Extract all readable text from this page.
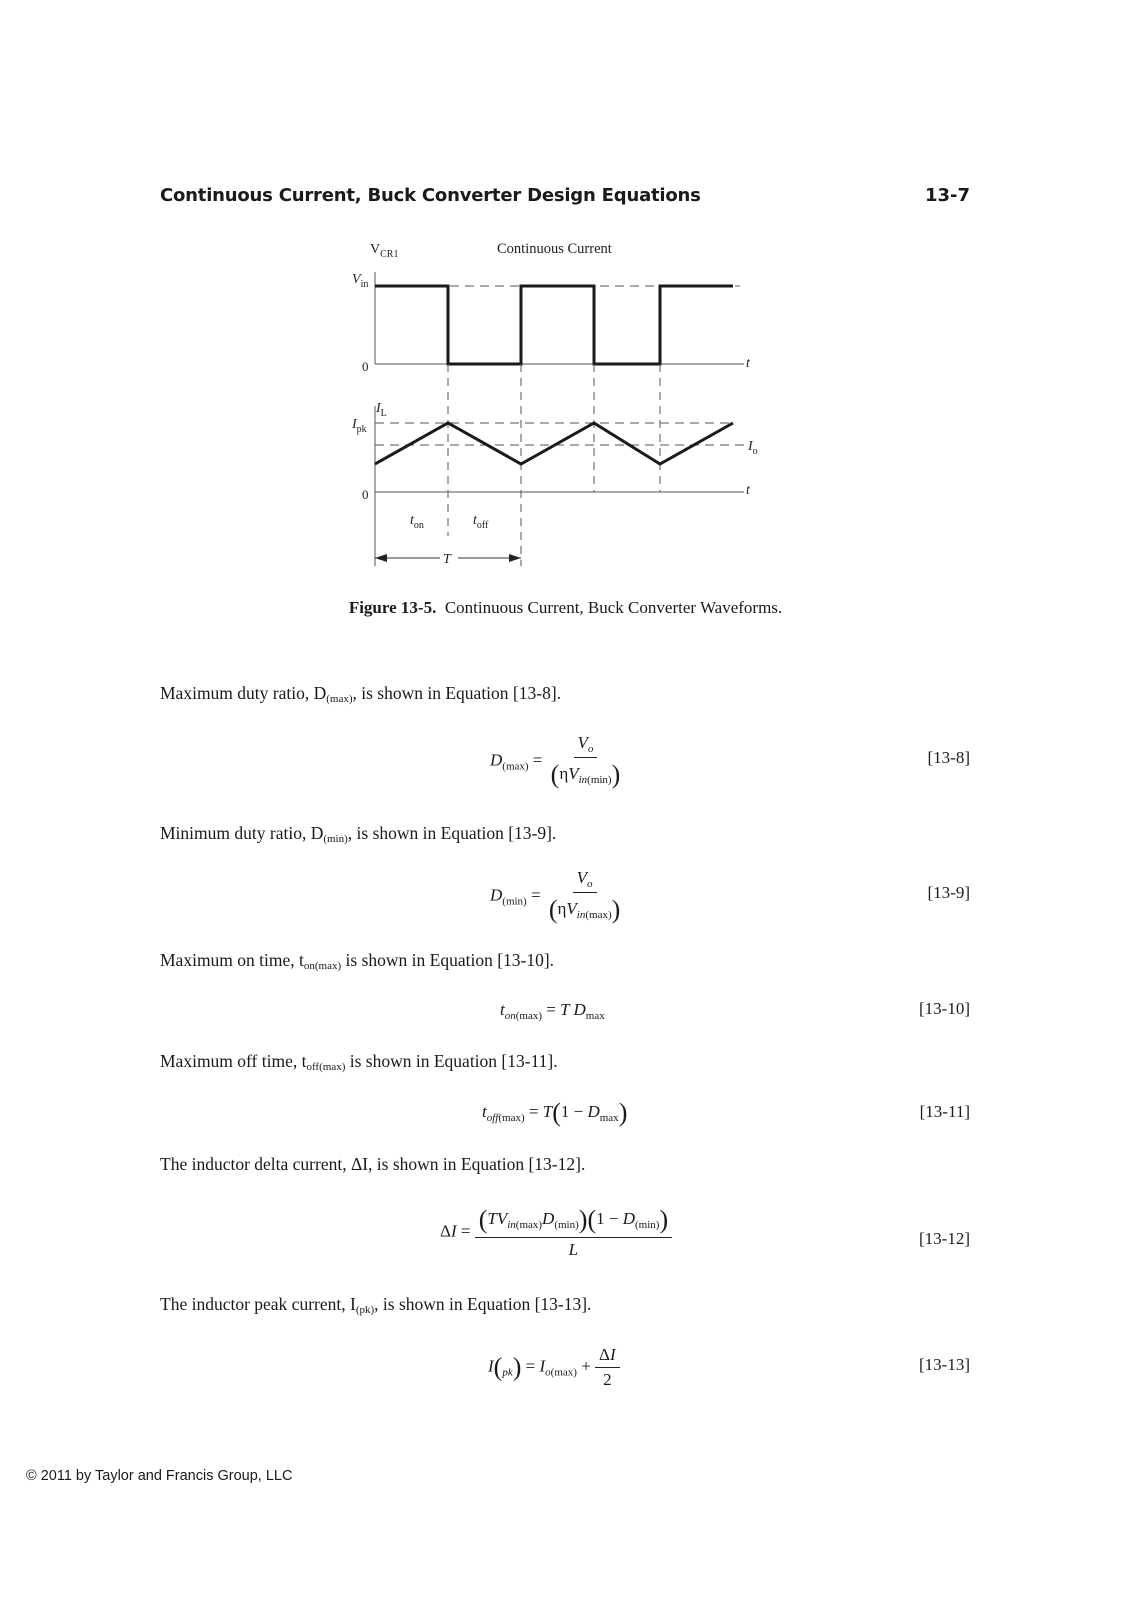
Continuous Current, Buck Converter Design Equations	13-7
Continuous Current
$V_{CR1}$
$V_{in}$
0	t
$I_L$
$I_{pk}$
$I_o$
0	t
$t_{on}$	$t_{off}$
T
Figure 13-5. Continuous Current, Buck Converter Waveforms.
Maximum duty ratio, $D_{(max)}$, is shown in Equation [13-8].
$D_{(max)} = \frac{V_o}{(\eta V_{in(min)})}$	[13-8]
Minimum duty ratio, $D_{(min)}$, is shown in Equation [13-9].
$D_{(min)} = \frac{V_o}{(\eta V_{in(max)})}$	[13-9]
Maximum on time, $t_{on(max)}$ is shown in Equation [13-10].
$t_{on(max)} = T$ $D_{max}$	[13-10]
Maximum off time, $t_{off(max)}$ is shown in Equation [13-11].
$t_{off(max)} = T(1 - D_{max})$	[13-11]
The inductor delta current, ΔI, is shown in Equation [13-12].
$\Delta I = \frac{(TV_{in(max)}D_{(min)})(1 - D_{(min)})}{L}$	[13-12]
The inductor peak current, $I_{(pk)}$, is shown in Equation [13-13].
$I(_{pk}) = I_{o(max)} + \frac{\Delta I}{2}$	[13-13]
© 2011 by Taylor and Francis Group, LLC
